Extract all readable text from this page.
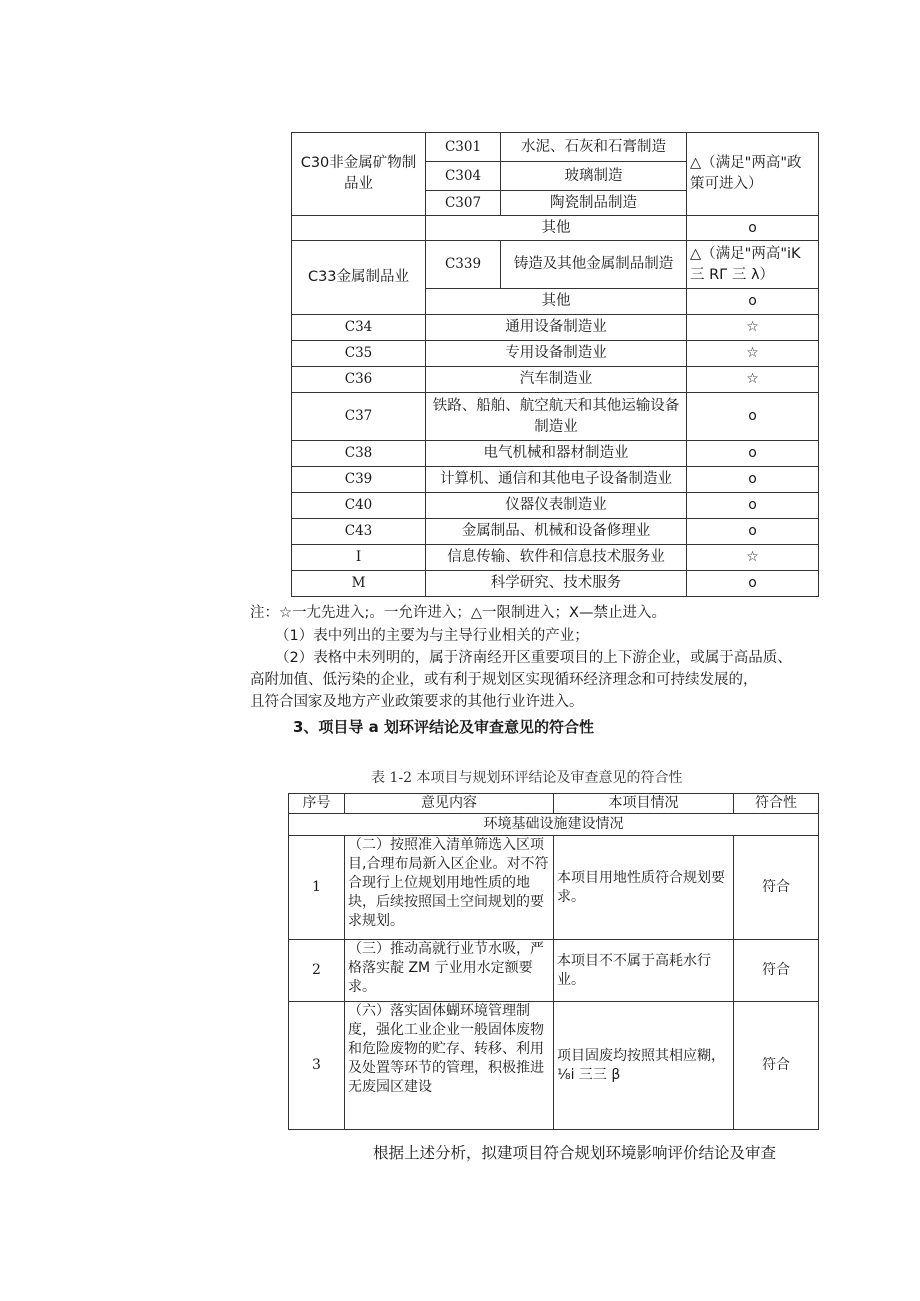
C30非金属矿物制品业	C301	水泥、石灰和石膏制造	△（满足"两高"政策可进入）
	C304	玻璃制造	
	C307	陶瓷制品制造	
	其他		o
C33金属制品业	C339	铸造及其他金属制品制造	△（满足"两高"iK三 RΓ 三 λ）
	其他		o
C34	通用设备制造业		☆
C35	专用设备制造业		☆
C36	汽车制造业		☆
C37	铁路、船舶、航空航天和其他运输设备制造业		o
C38	电气机械和器材制造业		o
C39	计算机、通信和其他电子设备制造业		o
C40	仪器仪表制造业		o
C43	金属制品、机械和设备修理业		o
I	信息传输、软件和信息技术服务业		☆
M	科学研究、技术服务		o

注：☆一尢先进入;。一允许进入；△一限制进入；X—禁止进入。

（1）表中列出的主要为与主导行业相关的产业；

（2）表格中未列明的，属于济南经开区重要项目的上下游企业，或属于高品质、

高附加值、低污染的企业，或有利于规划区实现循环经济理念和可持续发展的，

且符合国家及地方产业政策要求的其他行业许进入。

3、项目导 a 划环评结论及审查意见的符合性

表 1-2 本项目与规划环评结论及审查意见的符合性

序号	意见内容	本项目情况	符合性
环境基础设施建设情况			
1	（二）按照准入清单筛选入区项目,合理布局新入区企业。对不符合现行上位规划用地性质的地块，后续按照国土空间规划的要求规划。	本项目用地性质符合规划要求。	符合
2	（三）推动高就行业节水吸，严格落实靛 ZM 亍业用水定额要求。	本项目不不属于高耗水行业。	符合
3	（六）落实固体蝴环境管理制度，强化工业企业一般固体废物和危险废物的贮存、转移、利用及处置等环节的管理，积极推进无废园区建设	项目固废均按照其相应糊，⅛i 三三 β	符合

根据上述分析，拟建项目符合规划环境影响评价结论及审查
